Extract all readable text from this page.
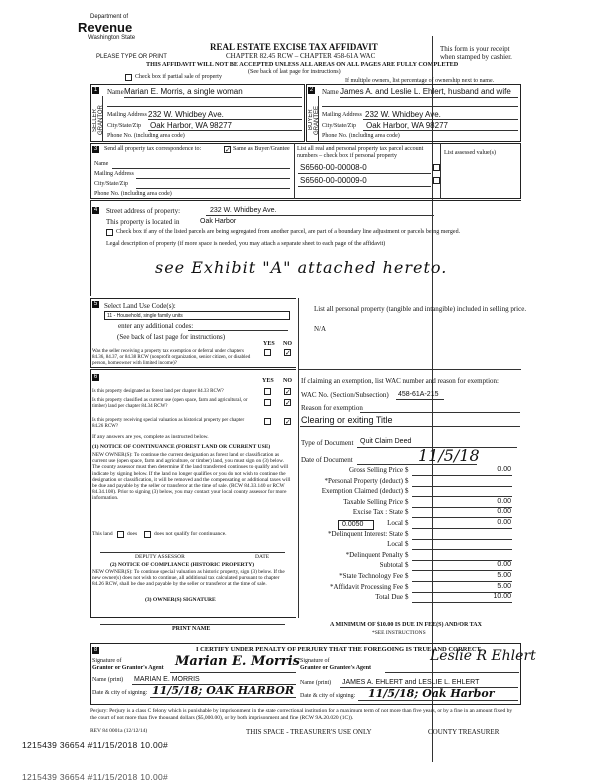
Department of
Revenue
Washington State
PLEASE TYPE OR PRINT
REAL ESTATE EXCISE TAX AFFIDAVIT
CHAPTER 82.45 RCW – CHAPTER 458-61A WAC
THIS AFFIDAVIT WILL NOT BE ACCEPTED UNLESS ALL AREAS ON ALL PAGES ARE FULLY COMPLETED
(See back of last page for instructions)
This form is your receipt
when stamped by cashier.
Check box if partial sale of property
If multiple owners, list percentage of ownership next to name.
1
SELLER GRANTOR
Name Marian E. Morris, a single woman
Mailing Address 232 W. Whidbey Ave.
City/State/Zip Oak Harbor, WA 98277
Phone No. (including area code)
2
BUYER GRANTEE
Name James A. and Leslie L. Ehlert, husband and wife
Mailing Address 232 W. Whidbey Ave.
City/State/Zip Oak Harbor, WA 98277
Phone No. (including area code)
3	Send all property tax correspondence to:	✓ Same as Buyer/Grantee
Name
Mailing Address
City/State/Zip
Phone No. (including area code)
List all real and personal property tax parcel account numbers – check box if personal property	List assessed value(s)
S6560-00-00008-0
S6560-00-00009-0
4 Street address of property:	232 W. Whidbey Ave.
This property is located in	Oak Harbor
Check box if any of the listed parcels are being segregated from another parcel, are part of a boundary line adjustment or parcels being merged.
Legal description of property (if more space is needed, you may attach a separate sheet to each page of the affidavit)
see Exhibit "A" attached hereto.
5 Select Land Use Code(s):
11 - Household, single family units
enter any additional codes:
(See back of last page for instructions)
YES NO
Was the seller receiving a property tax exemption or deferral under chapters 84.36, 84.37, or 84.38 RCW (nonprofit organization, senior citizen, or disabled person, homeowner with limited income)?
✓
List all personal property (tangible and intangible) included in selling price.
N/A
6
YES NO
Is this property designated as forest land per chapter 84.33 RCW?	✓
Is this property classified as current use (open space, farm and agricultural, or timber) land per chapter 84.34 RCW?	✓
Is this property receiving special valuation as historical property per chapter 84.26 RCW?
✓
If any answers are yes, complete as instructed below.
(1) NOTICE OF CONTINUANCE (FOREST LAND OR CURRENT USE)
NEW OWNER(S): To continue the current designation as forest land or classification as current use (open space, farm and agriculture, or timber) land, you must sign on (3) below. The county assessor must then determine if the land transferred continues to qualify and will indicate by signing below. If the land no longer qualifies or you do not wish to continue the designation or classification, it will be removed and the compensating or additional taxes will be due and payable by the seller or transferor at the time of sale. (RCW 84.33.140 or RCW 84.34.108). Prior to signing (3) below, you may contact your local county assessor for more information.
This land	does	does not qualify for continuance.
DEPUTY ASSESSOR	DATE
(2) NOTICE OF COMPLIANCE (HISTORIC PROPERTY)
NEW OWNER(S): To continue special valuation as historic property, sign (3) below. If the new owner(s) does not wish to continue, all additional tax calculated pursuant to chapter 84.26 RCW, shall be due and payable by the seller or transferor at the time of sale.
(3) OWNER(S) SIGNATURE
PRINT NAME
If claiming an exemption, list WAC number and reason for exemption:
WAC No. (Section/Subsection) 458-61A-215
Reason for exemption
Clearing or exiting Title
Type of Document Quit Claim Deed
Date of Document	11/5/18
Gross Selling Price $	0.00
*Personal Property (deduct) $
Exemption Claimed (deduct) $
Taxable Selling Price $	0.00
Excise Tax : State $	0.00
Local $	0.00
*Delinquent Interest: State $
Local $
*Delinquent Penalty $
Subtotal $	0.00
*State Technology Fee $	5.00
*Affidavit Processing Fee $	5.00
Total Due $	10.00
0.0050
A MINIMUM OF $10.00 IS DUE IN FEE(S) AND/OR TAX
*SEE INSTRUCTIONS
8	I CERTIFY UNDER PENALTY OF PERJURY THAT THE FOREGOING IS TRUE AND CORRECT.
Signature of
Grantor or Grantor's Agent Marian E. Morris
Name (print) MARIAN E. MORRIS
Date & city of signing: 11/5/18; OAK HARBOR
Signature of
Grantee or Grantee's Agent
Leslie R Ehlert
Name (print) JAMES A. EHLERT and LESLIE L. EHLERT
Date & city of signing: 11/5/18; Oak Harbor
Perjury: Perjury is a class C felony which is punishable by imprisonment in the state correctional institution for a maximum term of not more than five years, or by a fine in an amount fixed by the court of not more than five thousand dollars ($5,000.00), or by both imprisonment and fine (RCW 9A.20.020 (1C)).
REV 84 0001a (12/12/14)	THIS SPACE - TREASURER'S USE ONLY	COUNTY TREASURER
1215439 36654 #11/15/2018 10.00#
1215439 36654 #11/15/2018 10.00#
